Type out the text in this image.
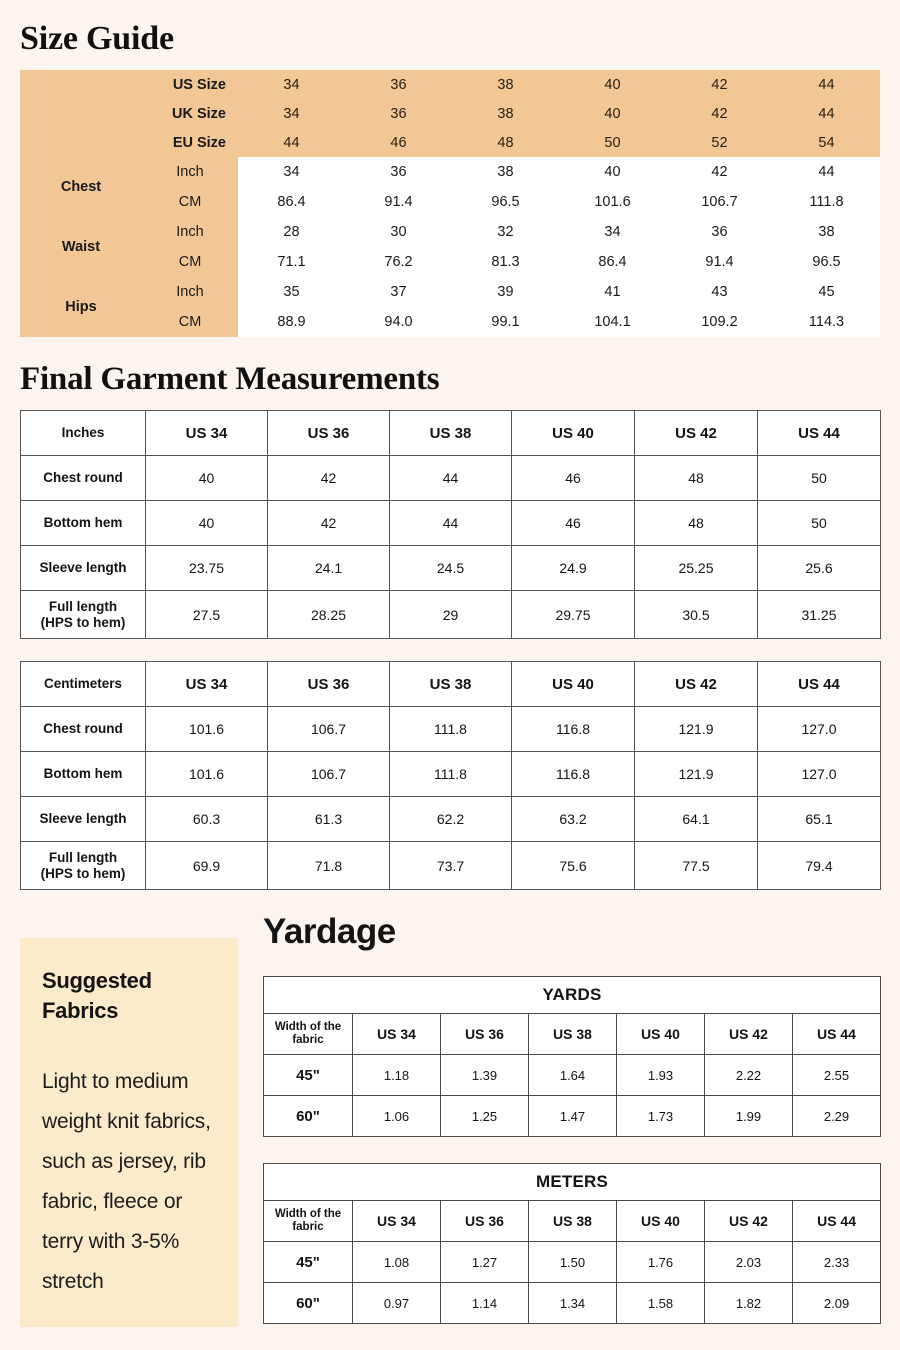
Size Guide
US Size		34	36	38	40	42	44
UK Size		34	36	38	40	42	44
EU Size		44	46	48	50	52	54
Chest	Inch	34	36	38	40	42	44
	CM	86.4	91.4	96.5	101.6	106.7	111.8
Waist	Inch	28	30	32	34	36	38
	CM	71.1	76.2	81.3	86.4	91.4	96.5
Hips	Inch	35	37	39	41	43	45
	CM	88.9	94.0	99.1	104.1	109.2	114.3
Final Garment Measurements
Inches	US 34	US 36	US 38	US 40	US 42	US 44
Chest round	40	42	44	46	48	50
Bottom hem	40	42	44	46	48	50
Sleeve length	23.75	24.1	24.5	24.9	25.25	25.6
Full length
(HPS to hem)	27.5	28.25	29	29.75	30.5	31.25
Centimeters	US 34	US 36	US 38	US 40	US 42	US 44
Chest round	101.6	106.7	111.8	116.8	121.9	127.0
Bottom hem	101.6	106.7	111.8	116.8	121.9	127.0
Sleeve length	60.3	61.3	62.2	63.2	64.1	65.1
Full length
(HPS to hem)	69.9	71.8	73.7	75.6	77.5	79.4
Suggested
Fabrics
Light to medium weight knit fabrics, such as jersey, rib fabric, fleece or terry with 3-5% stretch
Yardage
YARDS						
Width of the
fabric	US 34	US 36	US 38	US 40	US 42	US 44
45"	1.18	1.39	1.64	1.93	2.22	2.55
60"	1.06	1.25	1.47	1.73	1.99	2.29
METERS						
Width of the
fabric	US 34	US 36	US 38	US 40	US 42	US 44
45"	1.08	1.27	1.50	1.76	2.03	2.33
60"	0.97	1.14	1.34	1.58	1.82	2.09
